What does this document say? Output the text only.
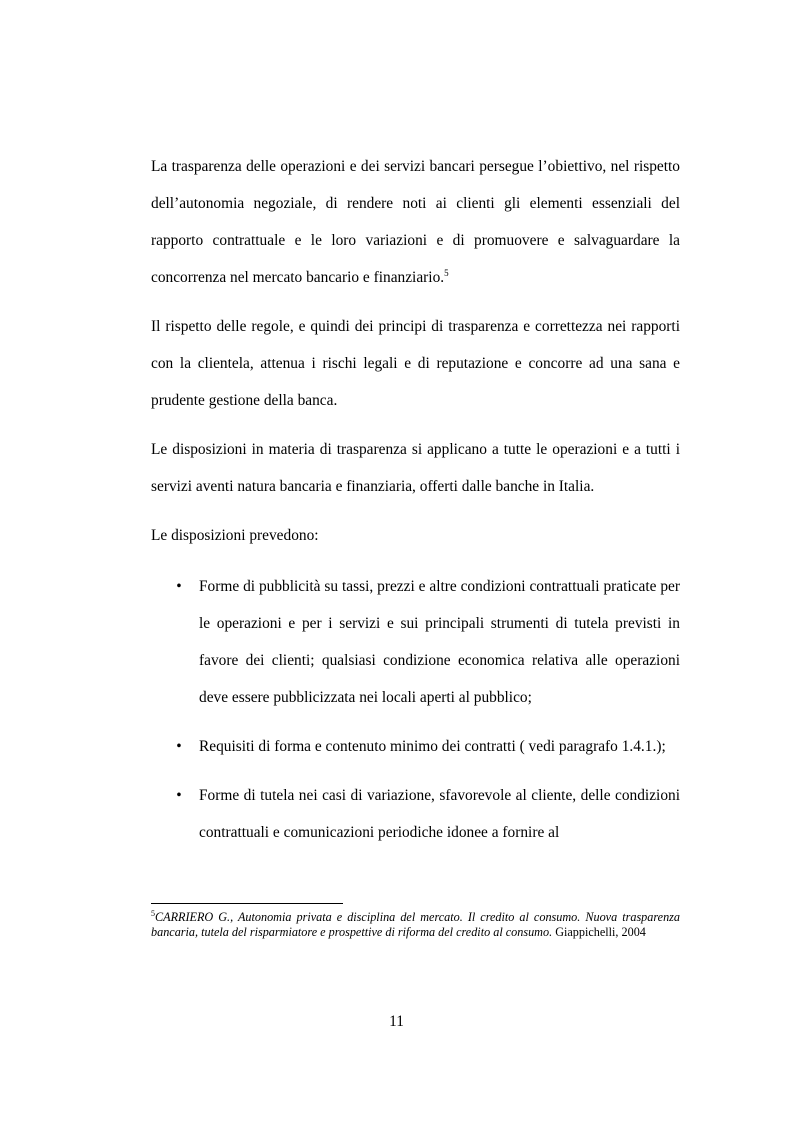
La trasparenza delle operazioni e dei servizi bancari persegue l’obiettivo, nel rispetto dell’autonomia negoziale, di rendere noti ai clienti gli elementi essenziali del rapporto contrattuale e le loro variazioni e di promuovere e salvaguardare la concorrenza nel mercato bancario e finanziario.$^5$

Il rispetto delle regole, e quindi dei principi di trasparenza e correttezza nei rapporti con la clientela, attenua i rischi legali e di reputazione e concorre ad una sana e prudente gestione della banca.

Le disposizioni in materia di trasparenza si applicano a tutte le operazioni e a tutti i servizi aventi natura bancaria e finanziaria, offerti dalle banche in Italia.

Le disposizioni prevedono:

• Forme di pubblicità su tassi, prezzi e altre condizioni contrattuali praticate per le operazioni e per i servizi e sui principali strumenti di tutela previsti in favore dei clienti; qualsiasi condizione economica relativa alle operazioni deve essere pubblicizzata nei locali aperti al pubblico;
• Requisiti di forma e contenuto minimo dei contratti ( vedi paragrafo 1.4.1.);
• Forme di tutela nei casi di variazione, sfavorevole al cliente, delle condizioni contrattuali e comunicazioni periodiche idonee a fornire al
$^5$CARRIERO G., Autonomia privata e disciplina del mercato. Il credito al consumo. Nuova trasparenza bancaria, tutela del risparmiatore e prospettive di riforma del credito al consumo. Giappichelli, 2004
11
